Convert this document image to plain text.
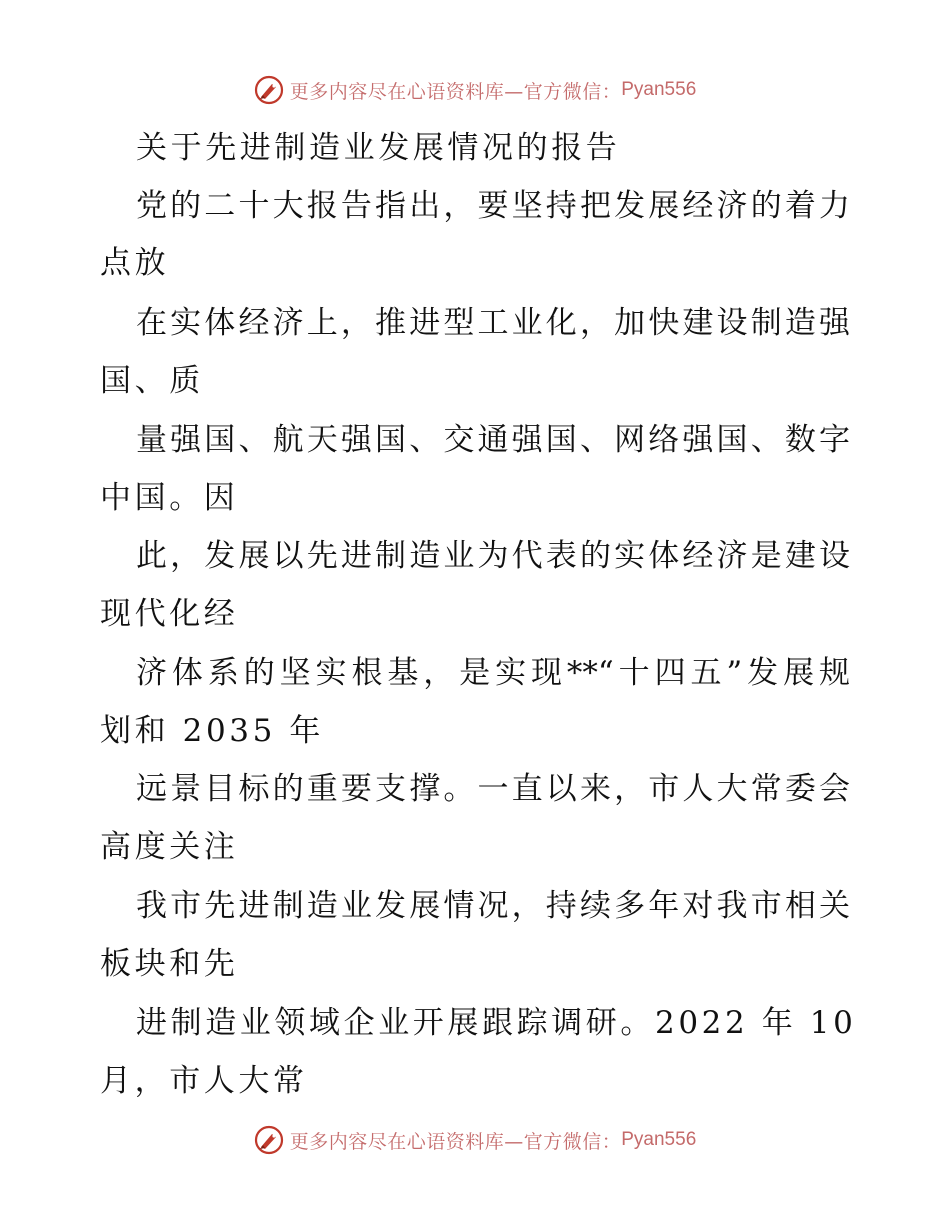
更多内容尽在心语资料库—官方微信： Pyan556
关于先进制造业发展情况的报告
党的二十大报告指出，要坚持把发展经济的着力
点放
在实体经济上，推进型工业化，加快建设制造强
国、质
量强国、航天强国、交通强国、网络强国、数字
中国。因
此，发展以先进制造业为代表的实体经济是建设
现代化经
济体系的坚实根基，是实现**“十四五”发展规
划和 2035 年
远景目标的重要支撑。一直以来，市人大常委会
高度关注
我市先进制造业发展情况，持续多年对我市相关
板块和先
进制造业领域企业开展跟踪调研。2022 年 10
月，市人大常
更多内容尽在心语资料库—官方微信： Pyan556
